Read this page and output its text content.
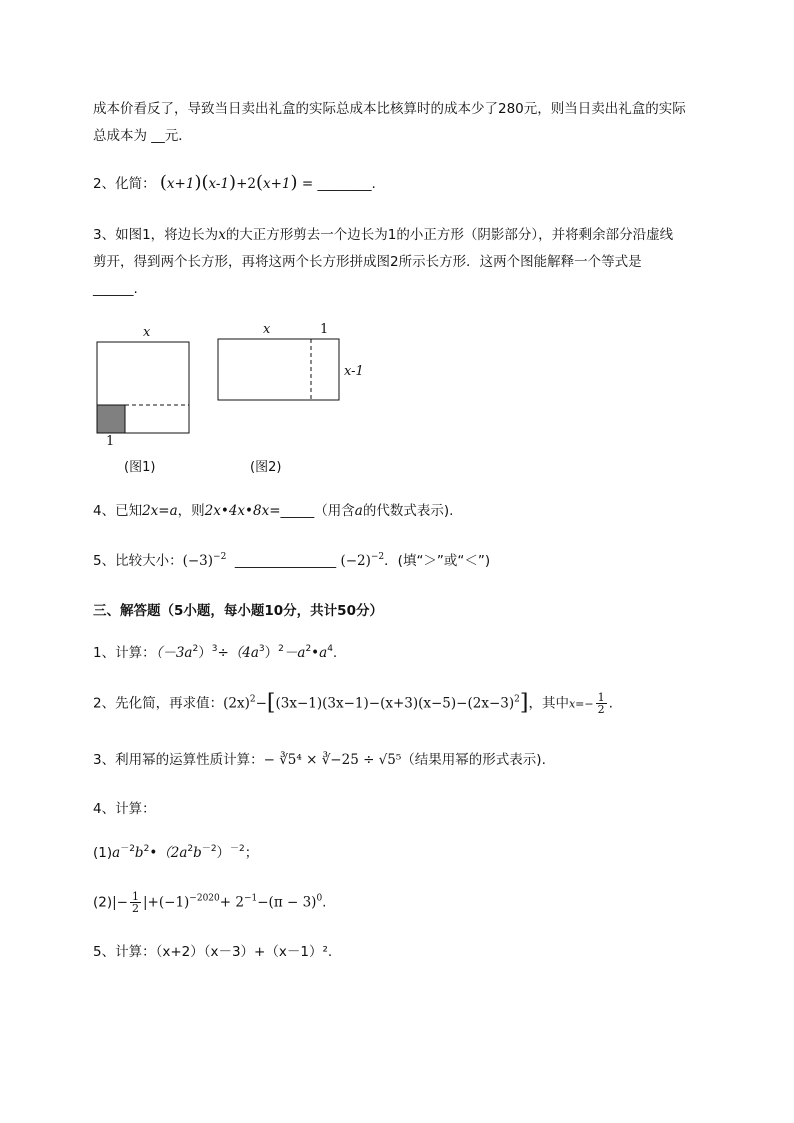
成本价看反了，导致当日卖出礼盒的实际总成本比核算时的成本少了280元，则当日卖出礼盒的实际
总成本为 __元．
2、化简： (x+1)(x-1)+2(x+1) = ________.
3、如图1，将边长为x的大正方形剪去一个边长为1的小正方形（阴影部分），并将剩余部分沿虚线
剪开，得到两个长方形，再将这两个长方形拼成图2所示长方形．这两个图能解释一个等式是
______.
x
1
(图1)
x	1
x-1
(图2)
4、已知2x=a，则2x•4x•8x=_____（用含a的代数式表示).
5、比较大小：$(-3)^{-2}$ _______________ $(-2)^{-2}$．(填“＞”或“＜”)
三、解答题（5小题，每小题10分，共计50分）
1、计算：$(-3a^2)^3\div(4a^3)^2-a^2•a^4$.
2、先化简，再求值：$(2x)^2-[(3x-1)(3x-1)-(x+3)(x-5)-(2x-3)^2]$，其中$x=- \frac{1}{2}$ .
3、利用幂的运算性质计算：− ∛5⁴ × ∛−25 ÷ √5⁵（结果用幂的形式表示).
4、计算：
$(1)a^{-2}b^2•(2a^2b^{-2})^{-2}$；
$(2)|- \frac{1}{2} |+(-1)^{-2020}+ 2^{-1}-(\pi - 3)^0$.
5、计算：（x+2）（x－3）+（x－1）².
